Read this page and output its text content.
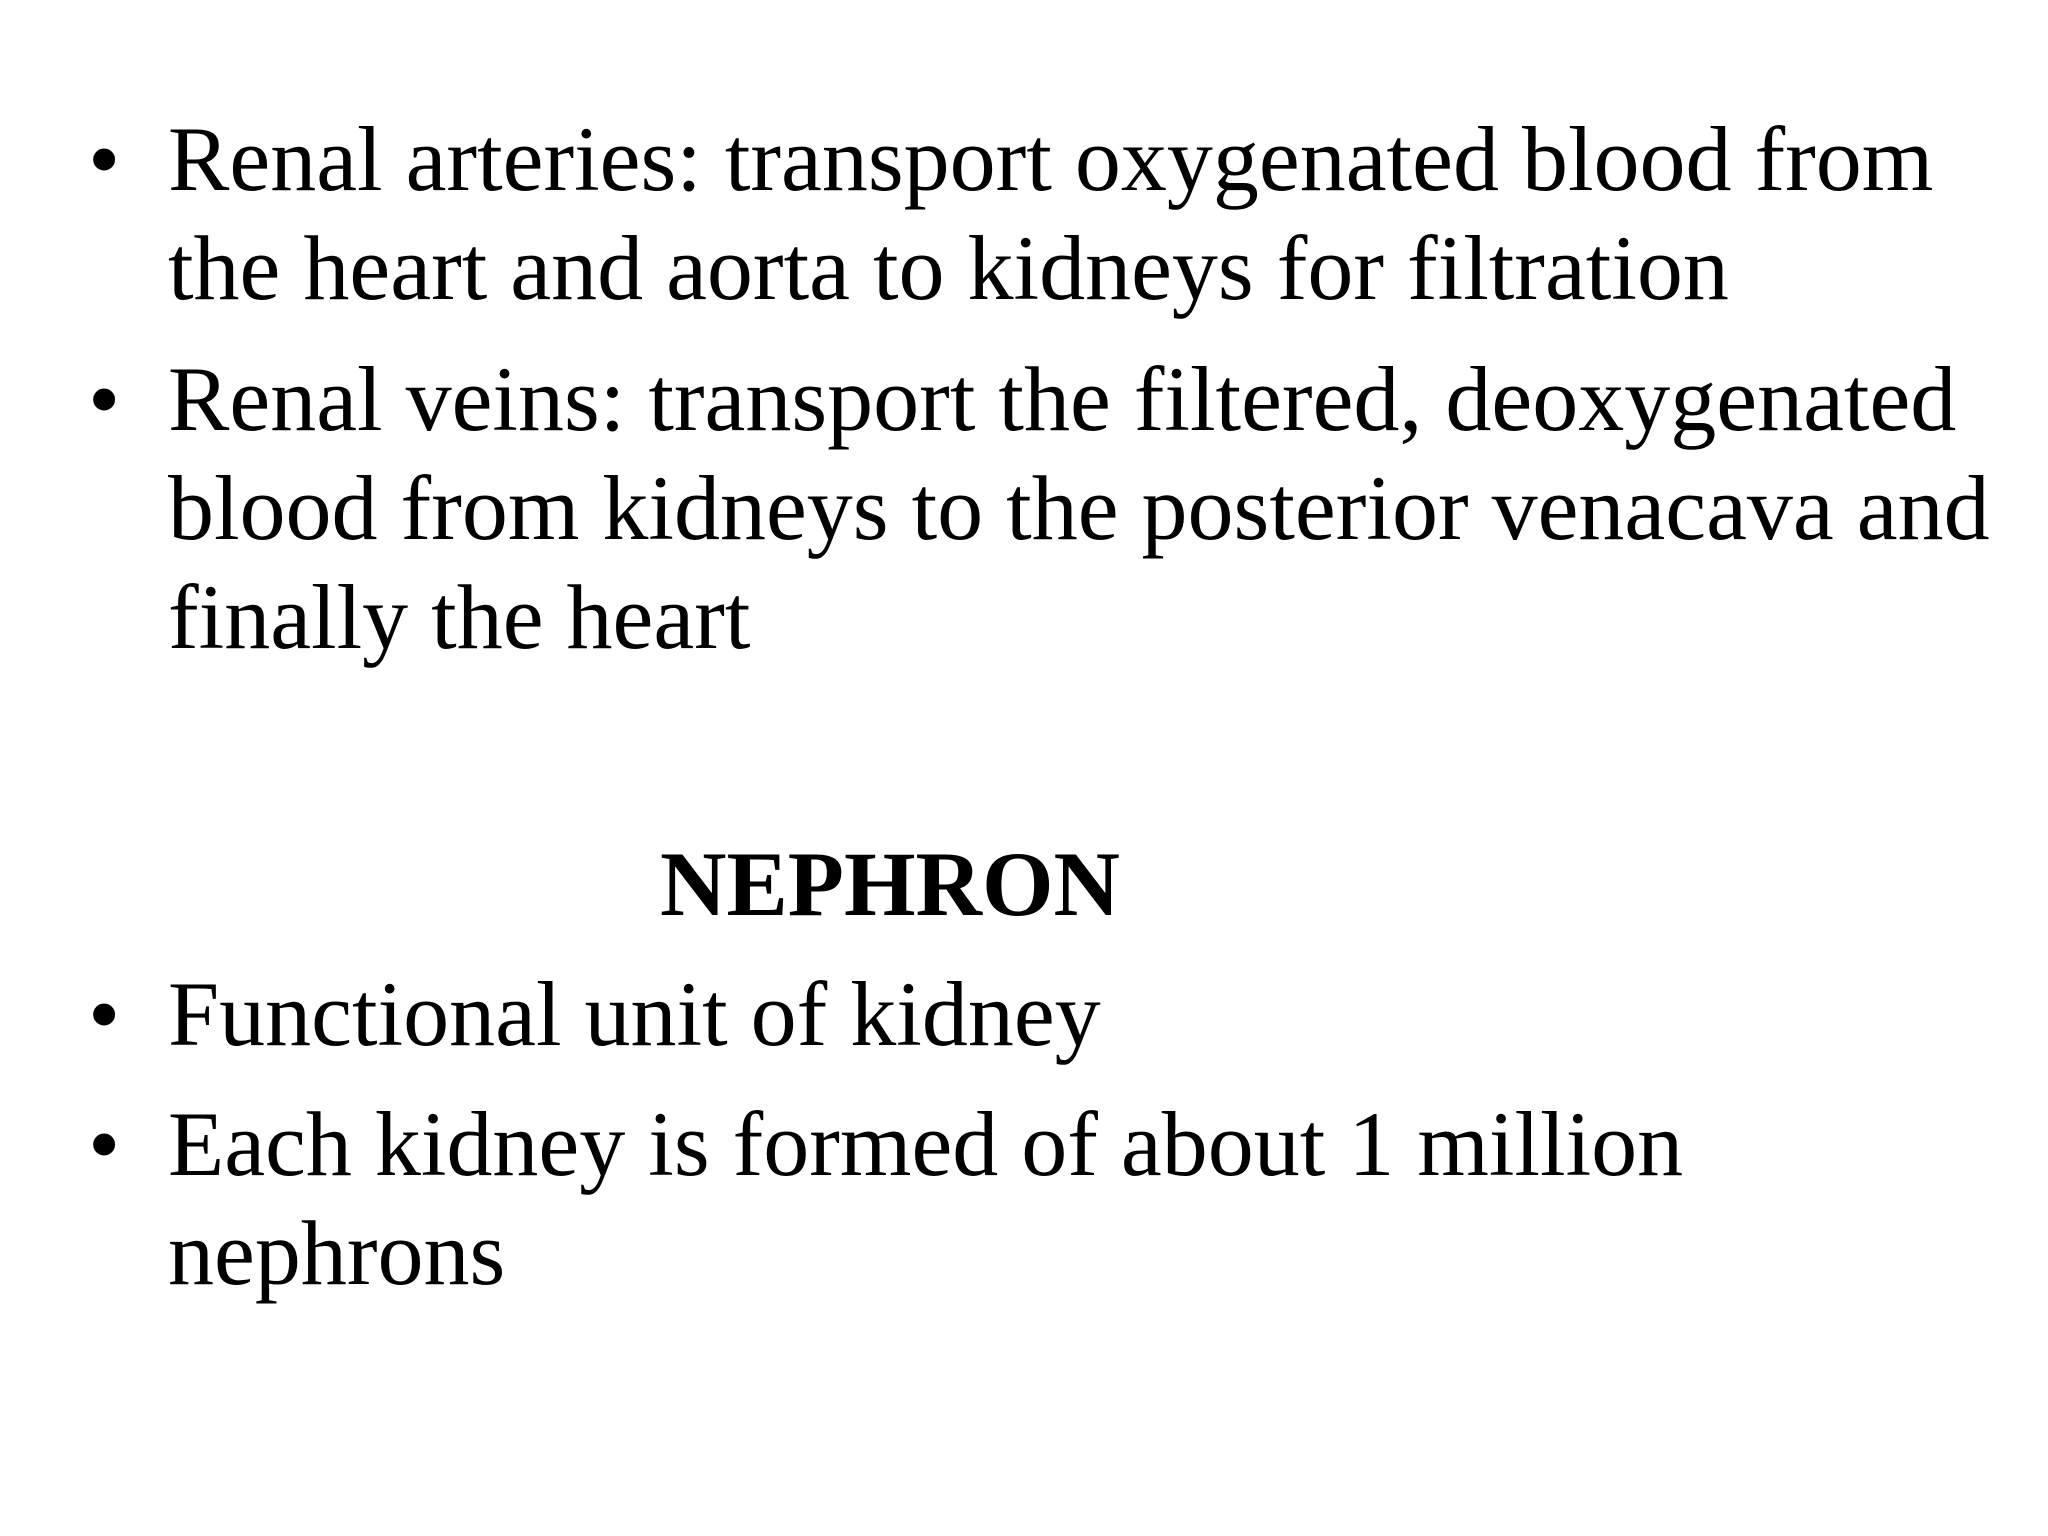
• Renal arteries: transport oxygenated blood from
the heart and aorta to kidneys for filtration
• Renal veins: transport the filtered, deoxygenated
blood from kidneys to the posterior venacava and
finally the heart
NEPHRON
• Functional unit of kidney
• Each kidney is formed of about 1 million
nephrons
